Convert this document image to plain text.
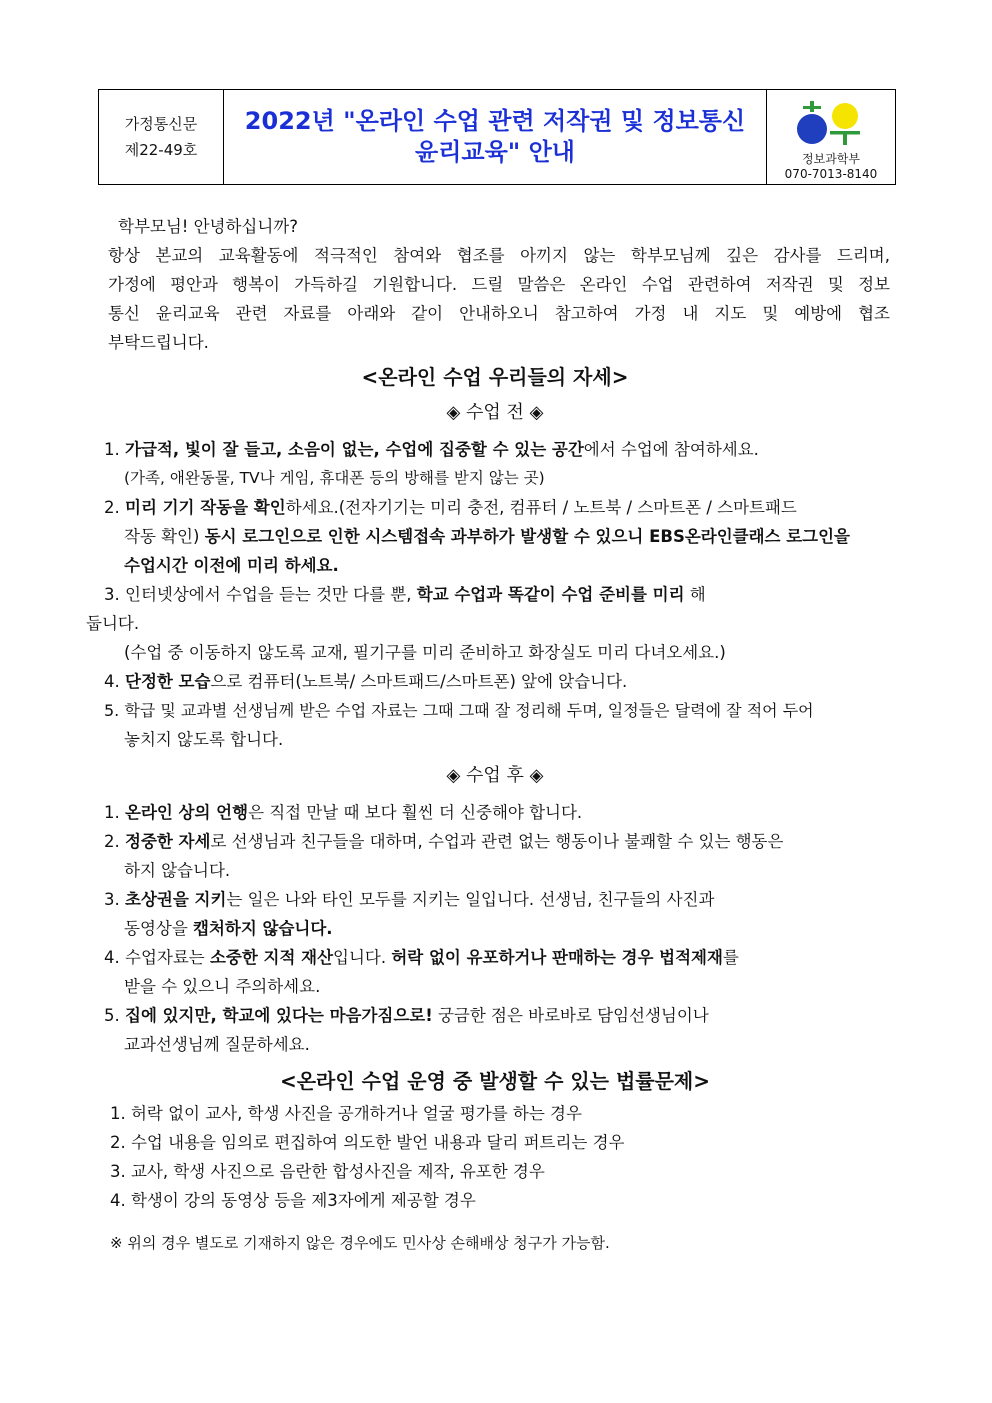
가정통신문
제22-49호
2022년 "온라인 수업 관련 저작권 및 정보통신
윤리교육" 안내	정보과학부
070-7013-8140
학부모님! 안녕하십니까?
항상 본교의 교육활동에 적극적인 참여와 협조를 아끼지 않는 학부모님께 깊은 감사를 드리며,
가정에 평안과 행복이 가득하길 기원합니다. 드릴 말씀은 온라인 수업 관련하여 저작권 및 정보
통신 윤리교육 관련 자료를 아래와 같이 안내하오니 참고하여 가정 내 지도 및 예방에 협조
부탁드립니다.
<온라인 수업 우리들의 자세>
◈ 수업 전 ◈
1. 가급적, 빛이 잘 들고, 소음이 없는, 수업에 집중할 수 있는 공간에서 수업에 참여하세요.
(가족, 애완동물, TV나 게임, 휴대폰 등의 방해를 받지 않는 곳)
2. 미리 기기 작동을 확인하세요.(전자기기는 미리 충전, 컴퓨터 / 노트북 / 스마트폰 / 스마트패드
작동 확인) 동시 로그인으로 인한 시스템접속 과부하가 발생할 수 있으니 EBS온라인클래스 로그인을
수업시간 이전에 미리 하세요.
3. 인터넷상에서 수업을 듣는 것만 다를 뿐, 학교 수업과 똑같이 수업 준비를 미리 해
둡니다.
(수업 중 이동하지 않도록 교재, 필기구를 미리 준비하고 화장실도 미리 다녀오세요.)
4. 단정한 모습으로 컴퓨터(노트북/ 스마트패드/스마트폰) 앞에 앉습니다.
5. 학급 및 교과별 선생님께 받은 수업 자료는 그때 그때 잘 정리해 두며, 일정들은 달력에 잘 적어 두어
놓치지 않도록 합니다.
◈ 수업 후 ◈
1. 온라인 상의 언행은 직접 만날 때 보다 훨씬 더 신중해야 합니다.
2. 정중한 자세로 선생님과 친구들을 대하며, 수업과 관련 없는 행동이나 불쾌할 수 있는 행동은
하지 않습니다.
3. 초상권을 지키는 일은 나와 타인 모두를 지키는 일입니다. 선생님, 친구들의 사진과
동영상을 캡처하지 않습니다.
4. 수업자료는 소중한 지적 재산입니다. 허락 없이 유포하거나 판매하는 경우 법적제재를
받을 수 있으니 주의하세요.
5. 집에 있지만, 학교에 있다는 마음가짐으로! 궁금한 점은 바로바로 담임선생님이나
교과선생님께 질문하세요.
<온라인 수업 운영 중 발생할 수 있는 법률문제>
1. 허락 없이 교사, 학생 사진을 공개하거나 얼굴 평가를 하는 경우
2. 수업 내용을 임의로 편집하여 의도한 발언 내용과 달리 퍼트리는 경우
3. 교사, 학생 사진으로 음란한 합성사진을 제작, 유포한 경우
4. 학생이 강의 동영상 등을 제3자에게 제공할 경우
※ 위의 경우 별도로 기재하지 않은 경우에도 민사상 손해배상 청구가 가능함.
